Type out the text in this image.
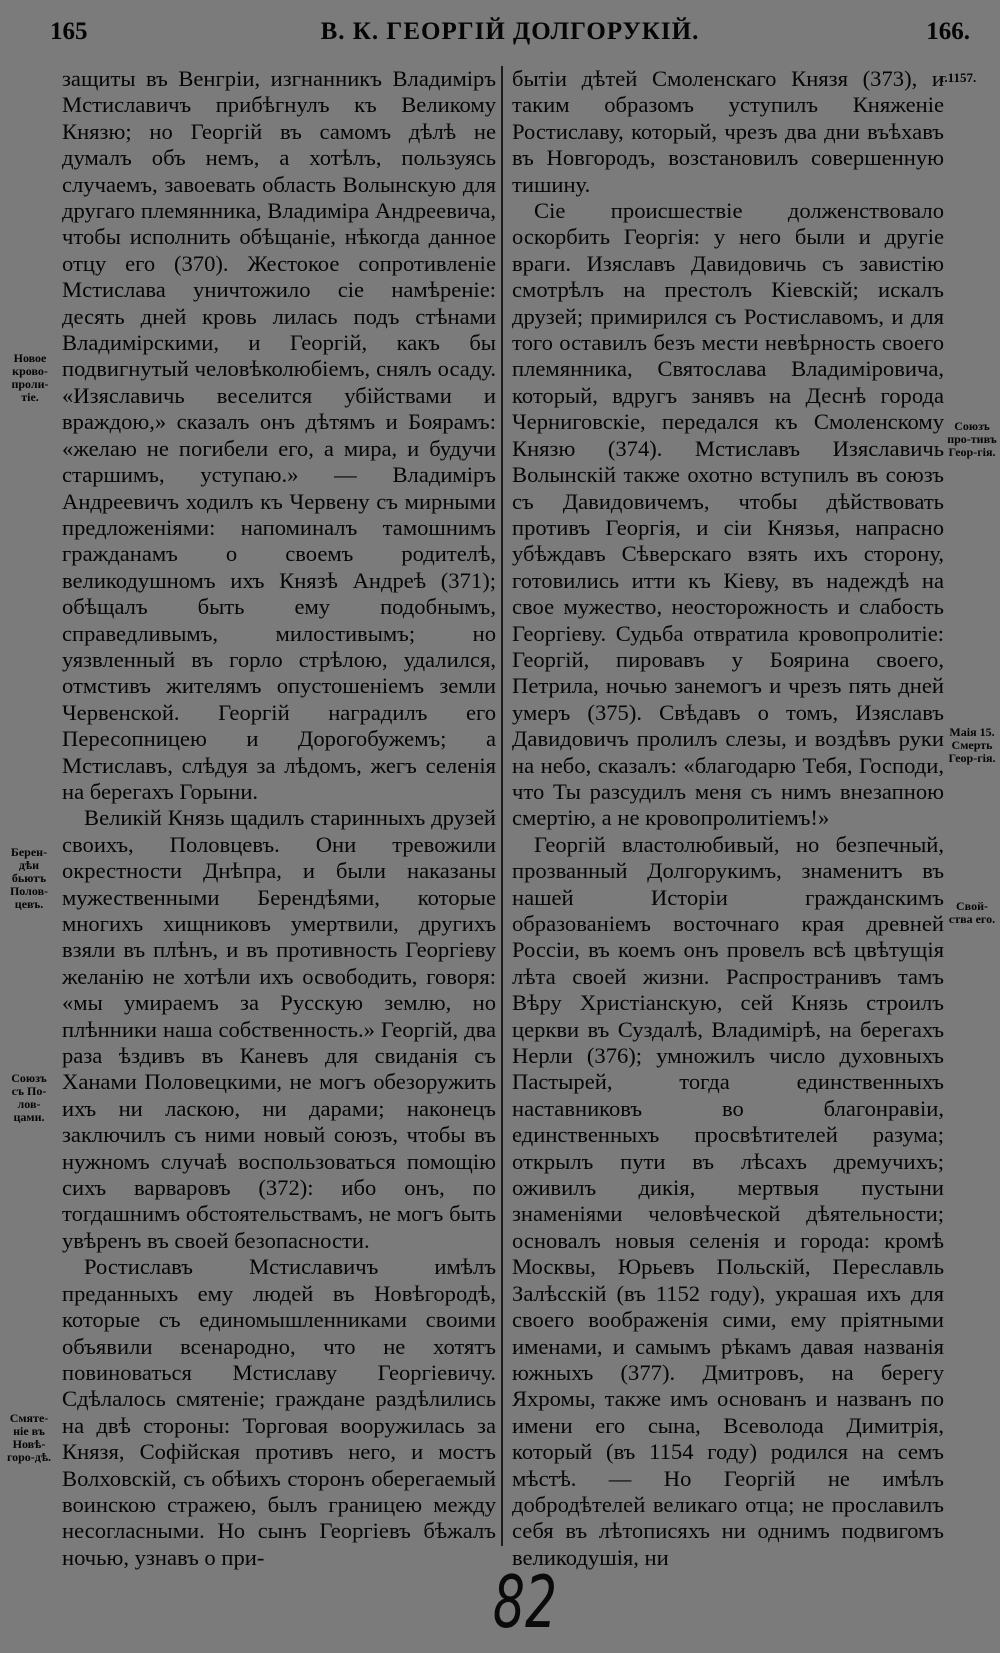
165	В. К. ГЕОРГІЙ ДОЛГОРУКІЙ.	166.
г.1157.
Новое крово-проли-тіе.
Берен-дѣи бьютъ Полов-цевъ.
Союзъ съ По-лов-цами.
Смяте-ніе въ Новѣ-горо-дѣ.
Союзъ про-тивъ Геор-гія.
Маія 15. Смерть Геор-гія.
Свой-ства его.

защиты въ Венгріи, изгнанникъ Владиміръ Мстиславичъ прибѣгнулъ къ Великому Князю; но Георгій въ самомъ дѣлѣ не думалъ объ немъ, а хотѣлъ, пользуясь случаемъ, завоевать область Волынскую для другаго племянника, Владиміра Андреевича, чтобы исполнить обѣщаніе, нѣкогда данное отцу его (370). Жестокое сопротивленіе Мстислава уничтожило сіе намѣреніе: десять дней кровь лилась подъ стѣнами Владимірскими, и Георгій, какъ бы подвигнутый человѣколюбіемъ, снялъ осаду. «Изяславичь веселится убійствами и враждою,» сказалъ онъ дѣтямъ и Боярамъ: «желаю не погибели его, а мира, и будучи старшимъ, уступаю.» — Владиміръ Андреевичъ ходилъ къ Червену съ мирными предложеніями: напоминалъ тамошнимъ гражданамъ о своемъ родителѣ, великодушномъ ихъ Князѣ Андреѣ (371); обѣщалъ быть ему подобнымъ, справедливымъ, милостивымъ; но уязвленный въ горло стрѣлою, удалился, отмстивъ жителямъ опустошеніемъ земли Червенской. Георгій наградилъ его Пересопницею и Дорогобужемъ; а Мстиславъ, слѣдуя за лѣдомъ, жегъ селенія на берегахъ Горыни.

Великій Князь щадилъ старинныхъ друзей своихъ, Половцевъ. Они тревожили окрестности Днѣпра, и были наказаны мужественными Берендѣями, которые многихъ хищниковъ умертвили, другихъ взяли въ плѣнъ, и въ противность Георгіеву желанію не хотѣли ихъ освободить, говоря: «мы умираемъ за Русскую землю, но плѣнники наша собственность.» Георгій, два раза ѣздивъ въ Каневъ для свиданія съ Ханами Половецкими, не могъ обезоружить ихъ ни ласкою, ни дарами; наконецъ заключилъ съ ними новый союзъ, чтобы въ нужномъ случаѣ воспользоваться помощію сихъ варваровъ (372): ибо онъ, по тогдашнимъ обстоятельствамъ, не могъ быть увѣренъ въ своей безопасности.

Ростиславъ Мстиславичъ имѣлъ преданныхъ ему людей въ Новѣгородѣ, которые съ единомышленниками своими объявили всенародно, что не хотятъ повиноваться Мстиславу Георгіевичу. Сдѣлалось смятеніе; граждане раздѣлились на двѣ стороны: Торговая вооружилась за Князя, Софійская противъ него, и мостъ Волховскій, съ обѣихъ сторонъ оберегаемый воинскою стражею, былъ границею между несогласными. Но сынъ Георгіевъ бѣжалъ ночью, узнавъ о при-

бытіи дѣтей Смоленскаго Князя (373), и таким образомъ уступилъ Княженіе Ростиславу, который, чрезъ два дни въѣхавъ въ Новгородъ, возстановилъ совершенную тишину.

Сіе происшествіе долженствовало оскорбить Георгія: у него были и другіе враги. Изяславъ Давидовичь съ завистію смотрѣлъ на престолъ Кіевскій; искалъ друзей; примирился съ Ростиславомъ, и для того оставилъ безъ мести невѣрность своего племянника, Святослава Владиміровича, который, вдругъ занявъ на Деснѣ города Черниговскіе, передался къ Смоленскому Князю (374). Мстиславъ Изяславичь Волынскій также охотно вступилъ въ союзъ съ Давидовичемъ, чтобы дѣйствовать противъ Георгія, и сіи Князья, напрасно убѣждавъ Сѣверскаго взять ихъ сторону, готовились итти къ Кіеву, въ надеждѣ на свое мужество, неосторожность и слабость Георгіеву. Судьба отвратила кровопролитіе: Георгій, пировавъ у Боярина своего, Петрила, ночью занемогъ и чрезъ пять дней умеръ (375). Свѣдавъ о томъ, Изяславъ Давидовичъ пролилъ слезы, и воздѣвъ руки на небо, сказалъ: «благодарю Тебя, Господи, что Ты разсудилъ меня съ нимъ внезапною смертію, а не кровопролитіемъ!»

Георгій властолюбивый, но безпечный, прозванный Долгорукимъ, знаменитъ въ нашей Исторіи гражданскимъ образованіемъ восточнаго края древней Россіи, въ коемъ онъ провелъ всѣ цвѣтущія лѣта своей жизни. Распространивъ тамъ Вѣру Христіанскую, сей Князь строилъ церкви въ Суздалѣ, Владимірѣ, на берегахъ Нерли (376); умножилъ число духовныхъ Пастырей, тогда единственныхъ наставниковъ во благонравіи, единственныхъ просвѣтителей разума; открылъ пути въ лѣсахъ дремучихъ; оживилъ дикія, мертвыя пустыни знаменіями человѣческой дѣятельности; основалъ новыя селенія и города: кромѣ Москвы, Юрьевъ Польскій, Переславль Залѣсскій (въ 1152 году), украшая ихъ для своего воображенія сими, ему пріятными именами, и самымъ рѣкамъ давая названія южныхъ (377). Дмитровъ, на берегу Яхромы, также имъ основанъ и названъ по имени его сына, Всеволода Димитрія, который (въ 1154 году) родился на семъ мѣстѣ. — Но Георгій не имѣлъ добродѣтелей великаго отца; не прославилъ себя въ лѣтописяхъ ни однимъ подвигомъ великодушія, ни

82
